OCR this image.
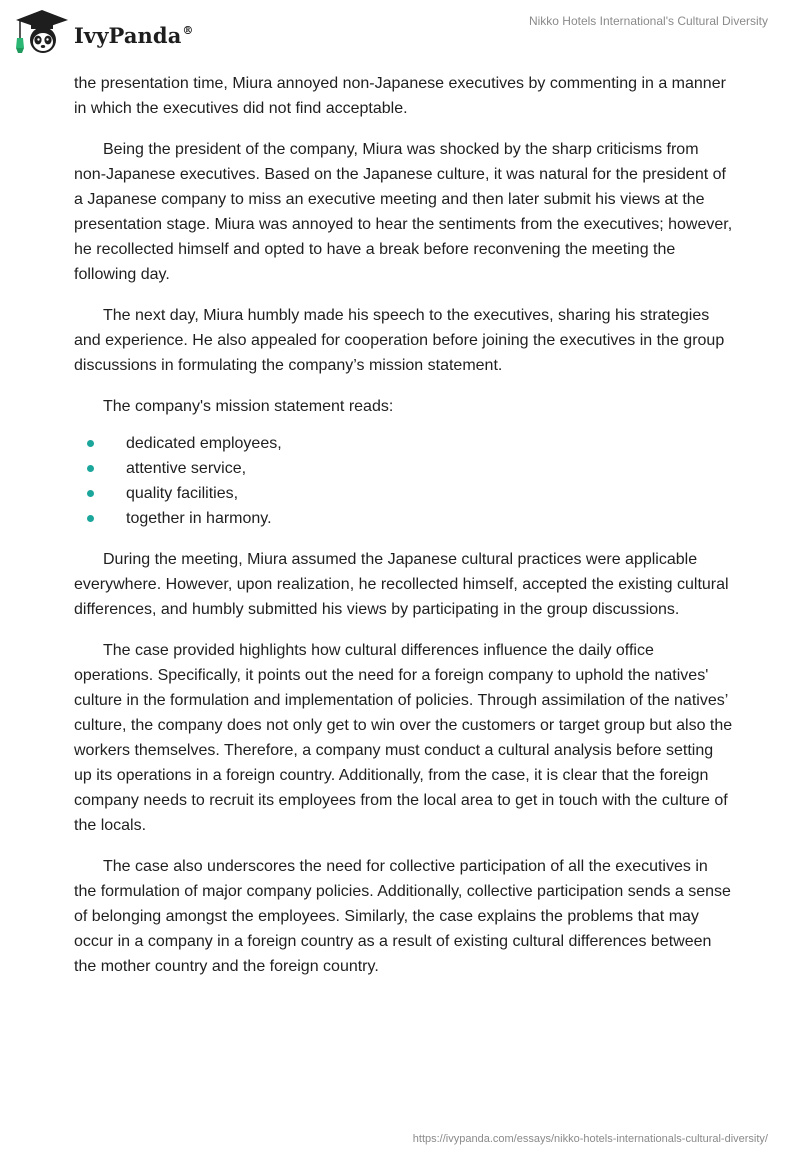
IvyPanda®
Nikko Hotels International's Cultural Diversity

the presentation time, Miura annoyed non-Japanese executives by commenting in a manner in which the executives did not find acceptable.

Being the president of the company, Miura was shocked by the sharp criticisms from non-Japanese executives. Based on the Japanese culture, it was natural for the president of a Japanese company to miss an executive meeting and then later submit his views at the presentation stage. Miura was annoyed to hear the sentiments from the executives; however, he recollected himself and opted to have a break before reconvening the meeting the following day.

The next day, Miura humbly made his speech to the executives, sharing his strategies and experience. He also appealed for cooperation before joining the executives in the group discussions in formulating the company’s mission statement.

The company's mission statement reads:

dedicated employees,
attentive service,
quality facilities,
together in harmony.

During the meeting, Miura assumed the Japanese cultural practices were applicable everywhere. However, upon realization, he recollected himself, accepted the existing cultural differences, and humbly submitted his views by participating in the group discussions.

The case provided highlights how cultural differences influence the daily office operations. Specifically, it points out the need for a foreign company to uphold the natives' culture in the formulation and implementation of policies. Through assimilation of the natives’ culture, the company does not only get to win over the customers or target group but also the workers themselves. Therefore, a company must conduct a cultural analysis before setting up its operations in a foreign country. Additionally, from the case, it is clear that the foreign company needs to recruit its employees from the local area to get in touch with the culture of the locals.

The case also underscores the need for collective participation of all the executives in the formulation of major company policies. Additionally, collective participation sends a sense of belonging amongst the employees. Similarly, the case explains the problems that may occur in a company in a foreign country as a result of existing cultural differences between the mother country and the foreign country.

https://ivypanda.com/essays/nikko-hotels-internationals-cultural-diversity/
